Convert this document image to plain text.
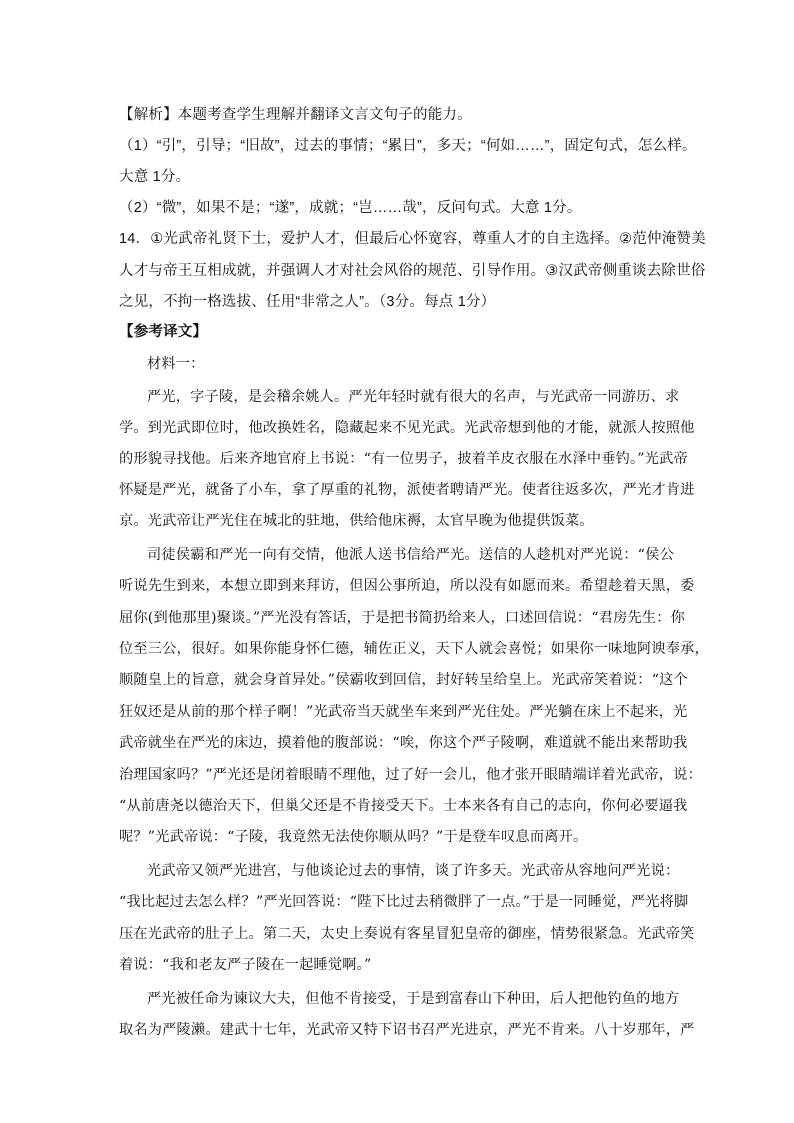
【解析】本题考查学生理解并翻译文言文句子的能力。
（1）“引”，引导；“旧故”，过去的事情；“累日”，多天；“何如……”，固定句式，怎么样。
大意 1分。
（2）“微”，如果不是；“遂”，成就；“岂……哉”，反问句式。大意 1分。
14．①光武帝礼贤下士，爱护人才，但最后心怀宽容，尊重人才的自主选择。②范仲淹赞美
人才与帝王互相成就，并强调人才对社会风俗的规范、引导作用。③汉武帝侧重谈去除世俗
之见，不拘一格选拔、任用“非常之人”。（3分。每点 1分）
【参考译文】
材料一：
严光，字子陵，是会稽余姚人。严光年轻时就有很大的名声，与光武帝一同游历、求
学。到光武即位时，他改换姓名，隐藏起来不见光武。光武帝想到他的才能，就派人按照他
的形貌寻找他。后来齐地官府上书说：“有一位男子，披着羊皮衣服在水泽中垂钓。”光武帝
怀疑是严光，就备了小车，拿了厚重的礼物，派使者聘请严光。使者往返多次，严光才肯进
京。光武帝让严光住在城北的驻地，供给他床褥，太官早晚为他提供饭菜。
司徒侯霸和严光一向有交情，他派人送书信给严光。送信的人趁机对严光说：“侯公
听说先生到来，本想立即到来拜访，但因公事所迫，所以没有如愿而来。希望趁着天黑，委
屈你(到他那里)聚谈。”严光没有答话，于是把书简扔给来人，口述回信说：“君房先生：你
位至三公，很好。如果你能身怀仁德，辅佐正义，天下人就会喜悦；如果你一味地阿谀奉承，
顺随皇上的旨意，就会身首异处。”侯霸收到回信，封好转呈给皇上。光武帝笑着说：“这个
狂奴还是从前的那个样子啊！”光武帝当天就坐车来到严光住处。严光躺在床上不起来，光
武帝就坐在严光的床边，摸着他的腹部说：“唉，你这个严子陵啊，难道就不能出来帮助我
治理国家吗？”严光还是闭着眼睛不理他，过了好一会儿，他才张开眼睛端详着光武帝，说：
“从前唐尧以德治天下，但巢父还是不肯接受天下。士本来各有自己的志向，你何必要逼我
呢？”光武帝说：“子陵，我竟然无法使你顺从吗？”于是登车叹息而离开。
光武帝又领严光进宫，与他谈论过去的事情，谈了许多天。光武帝从容地问严光说：
“我比起过去怎么样？”严光回答说：“陛下比过去稍微胖了一点。”于是一同睡觉，严光将脚
压在光武帝的肚子上。第二天，太史上奏说有客星冒犯皇帝的御座，情势很紧急。光武帝笑
着说：“我和老友严子陵在一起睡觉啊。”
严光被任命为谏议大夫，但他不肯接受，于是到富春山下种田，后人把他钓鱼的地方
取名为严陵濑。建武十七年，光武帝又特下诏书召严光进京，严光不肯来。八十岁那年，严
